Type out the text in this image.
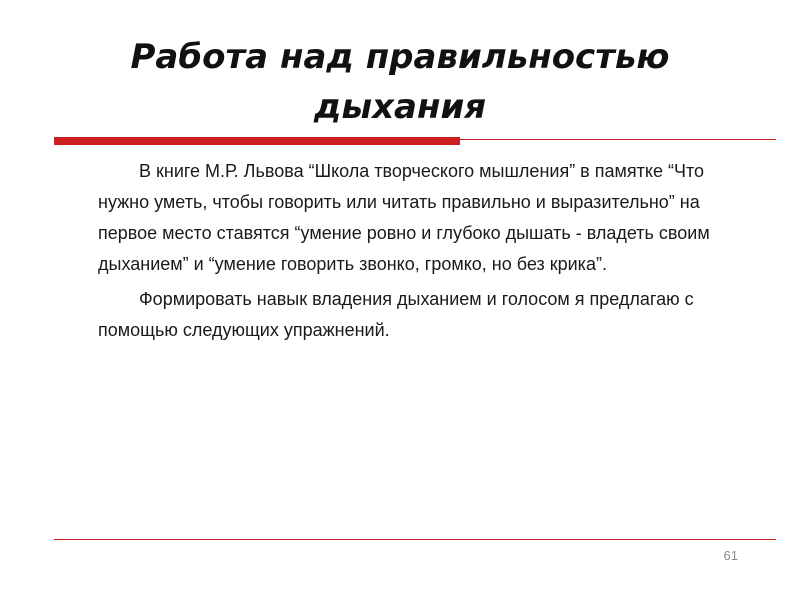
Работа над правильностью
дыхания

В книге М.Р. Львова “Школа творческого мышления” в памятке “Что нужно уметь, чтобы говорить или читать правильно и выразительно” на первое место ставятся “умение ровно и глубоко дышать - владеть своим дыханием” и “умение говорить звонко, громко, но без крика”.

Формировать навык владения дыханием и голосом я предлагаю с помощью следующих упражнений.

61
